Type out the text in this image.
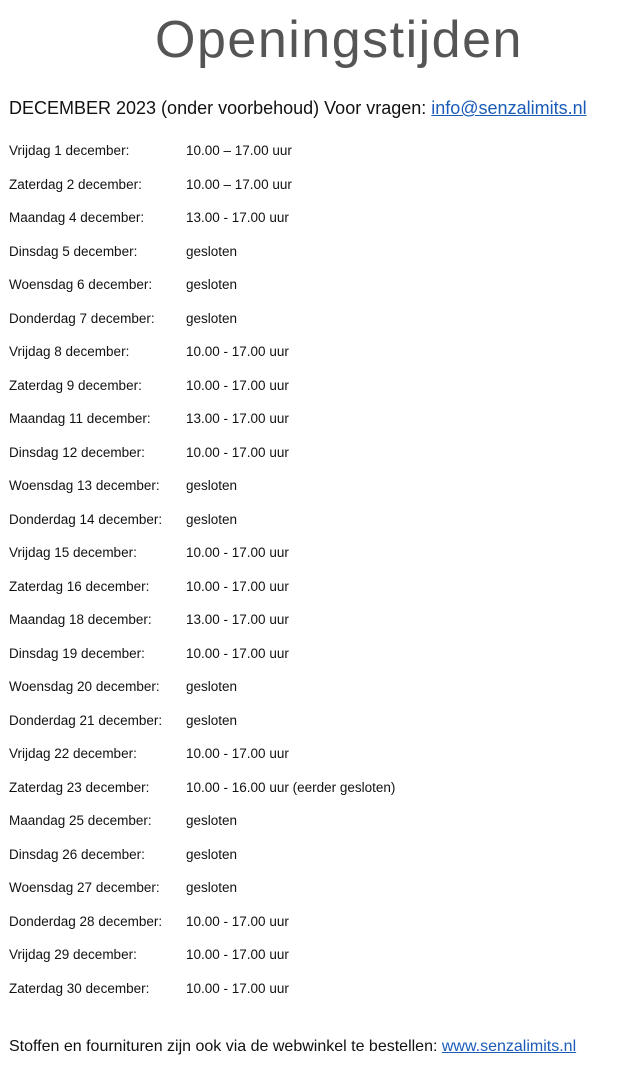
Openingstijden
DECEMBER 2023 (onder voorbehoud) Voor vragen: info@senzalimits.nl
Vrijdag 1 december:	10.00 – 17.00 uur
Zaterdag 2 december:	10.00 – 17.00 uur
Maandag 4 december:	13.00 - 17.00 uur
Dinsdag 5 december:	gesloten
Woensdag 6 december:	gesloten
Donderdag 7 december:	gesloten
Vrijdag 8 december:	10.00 - 17.00 uur
Zaterdag 9 december:	10.00 - 17.00 uur
Maandag 11 december:	13.00 - 17.00 uur
Dinsdag 12 december:	10.00 - 17.00 uur
Woensdag 13 december:	gesloten
Donderdag 14 december:	gesloten
Vrijdag 15 december:	10.00 - 17.00 uur
Zaterdag 16 december:	10.00 - 17.00 uur
Maandag 18 december:	13.00 - 17.00 uur
Dinsdag 19 december:	10.00 - 17.00 uur
Woensdag 20 december:	gesloten
Donderdag 21 december:	gesloten
Vrijdag 22 december:	10.00 - 17.00 uur
Zaterdag 23 december:	10.00 - 16.00 uur (eerder gesloten)
Maandag 25 december:	gesloten
Dinsdag 26 december:	gesloten
Woensdag 27 december:	gesloten
Donderdag 28 december:	10.00 - 17.00 uur
Vrijdag 29 december:	10.00 - 17.00 uur
Zaterdag 30 december:	10.00 - 17.00 uur
Stoffen en fournituren zijn ook via de webwinkel te bestellen: www.senzalimits.nl
